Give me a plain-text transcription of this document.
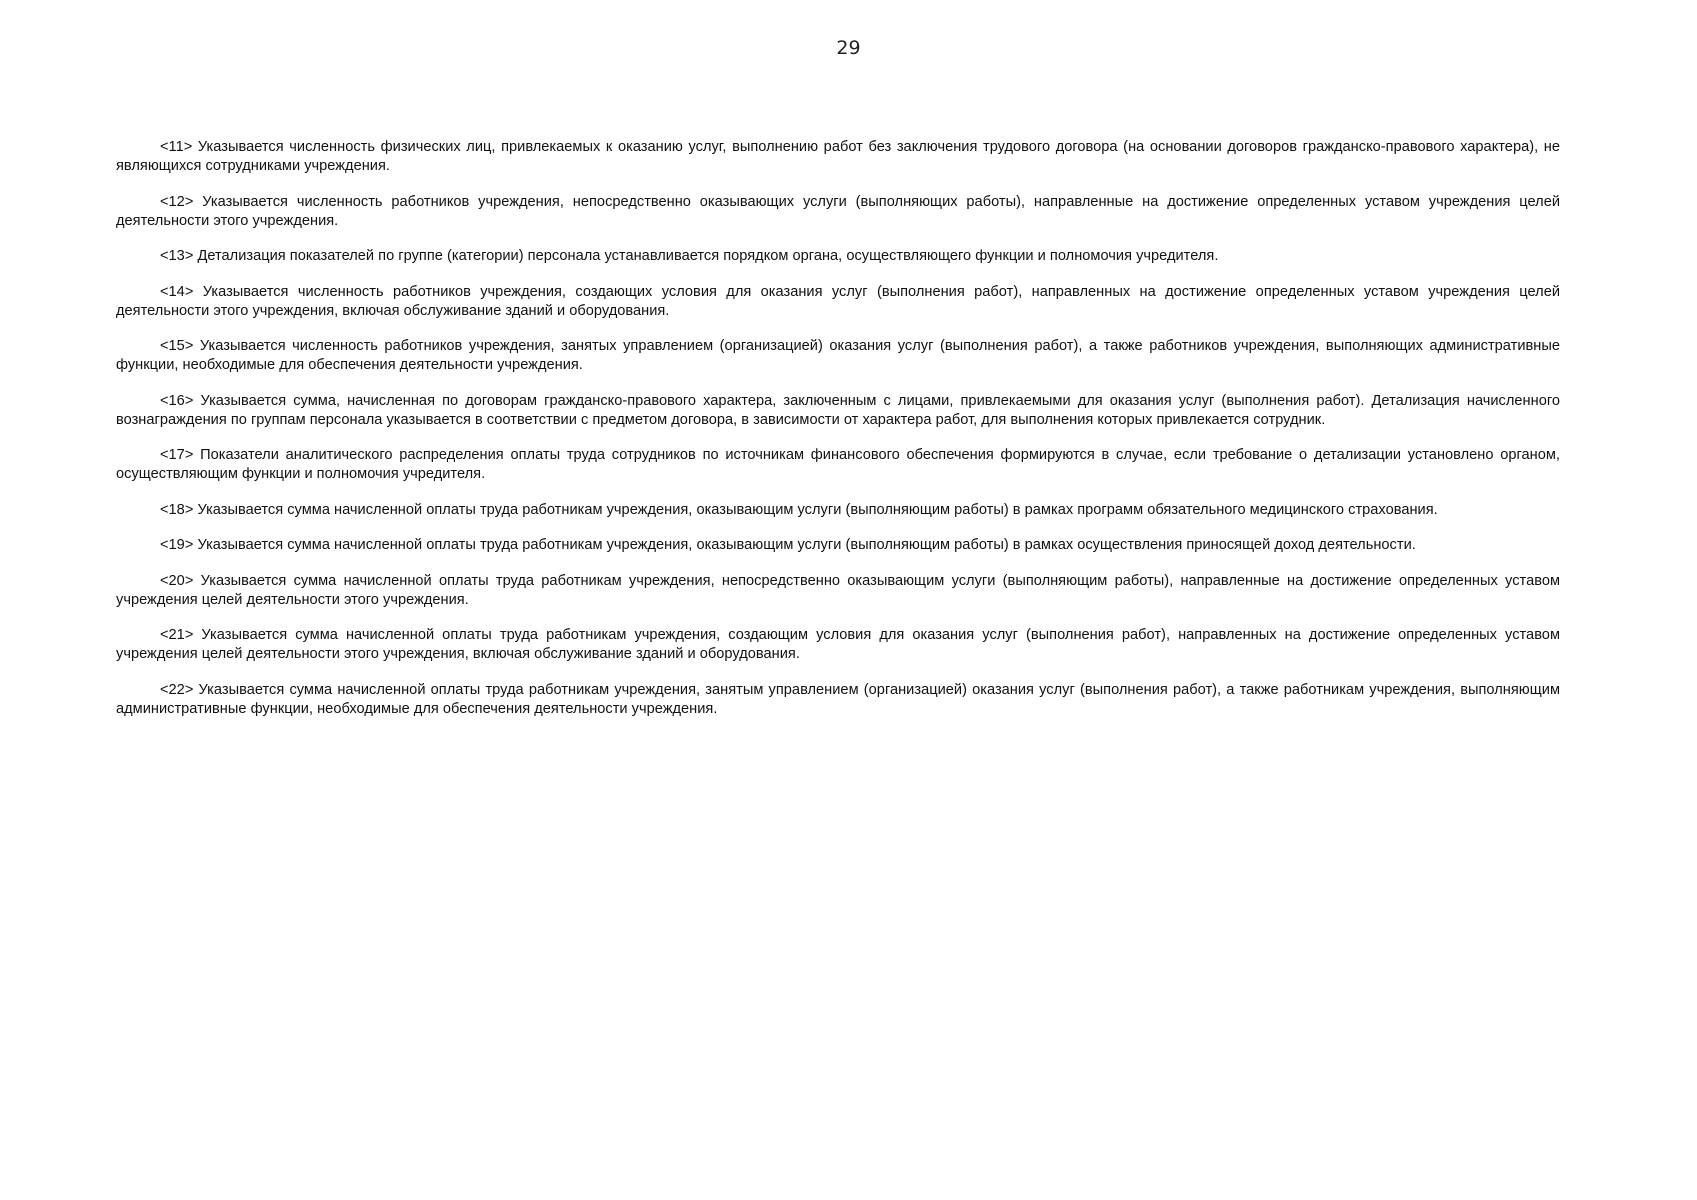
29

<11> Указывается численность физических лиц, привлекаемых к оказанию услуг, выполнению работ без заключения трудового договора (на основании договоров гражданско-правового характера), не являющихся сотрудниками учреждения.

<12> Указывается численность работников учреждения, непосредственно оказывающих услуги (выполняющих работы), направленные на достижение определенных уставом учреждения целей деятельности этого учреждения.

<13> Детализация показателей по группе (категории) персонала устанавливается порядком органа, осуществляющего функции и полномочия учредителя.

<14> Указывается численность работников учреждения, создающих условия для оказания услуг (выполнения работ), направленных на достижение определенных уставом учреждения целей деятельности этого учреждения, включая обслуживание зданий и оборудования.

<15> Указывается численность работников учреждения, занятых управлением (организацией) оказания услуг (выполнения работ), а также работников учреждения, выполняющих административные функции, необходимые для обеспечения деятельности учреждения.

<16> Указывается сумма, начисленная по договорам гражданско-правового характера, заключенным с лицами, привлекаемыми для оказания услуг (выполнения работ). Детализация начисленного вознаграждения по группам персонала указывается в соответствии с предметом договора, в зависимости от характера работ, для выполнения которых привлекается сотрудник.

<17> Показатели аналитического распределения оплаты труда сотрудников по источникам финансового обеспечения формируются в случае, если требование о детализации установлено органом, осуществляющим функции и полномочия учредителя.

<18> Указывается сумма начисленной оплаты труда работникам учреждения, оказывающим услуги (выполняющим работы) в рамках программ обязательного медицинского страхования.

<19> Указывается сумма начисленной оплаты труда работникам учреждения, оказывающим услуги (выполняющим работы) в рамках осуществления приносящей доход деятельности.

<20> Указывается сумма начисленной оплаты труда работникам учреждения, непосредственно оказывающим услуги (выполняющим работы), направленные на достижение определенных уставом учреждения целей деятельности этого учреждения.

<21> Указывается сумма начисленной оплаты труда работникам учреждения, создающим условия для оказания услуг (выполнения работ), направленных на достижение определенных уставом учреждения целей деятельности этого учреждения, включая обслуживание зданий и оборудования.

<22> Указывается сумма начисленной оплаты труда работникам учреждения, занятым управлением (организацией) оказания услуг (выполнения работ), а также работникам учреждения, выполняющим административные функции, необходимые для обеспечения деятельности учреждения.
